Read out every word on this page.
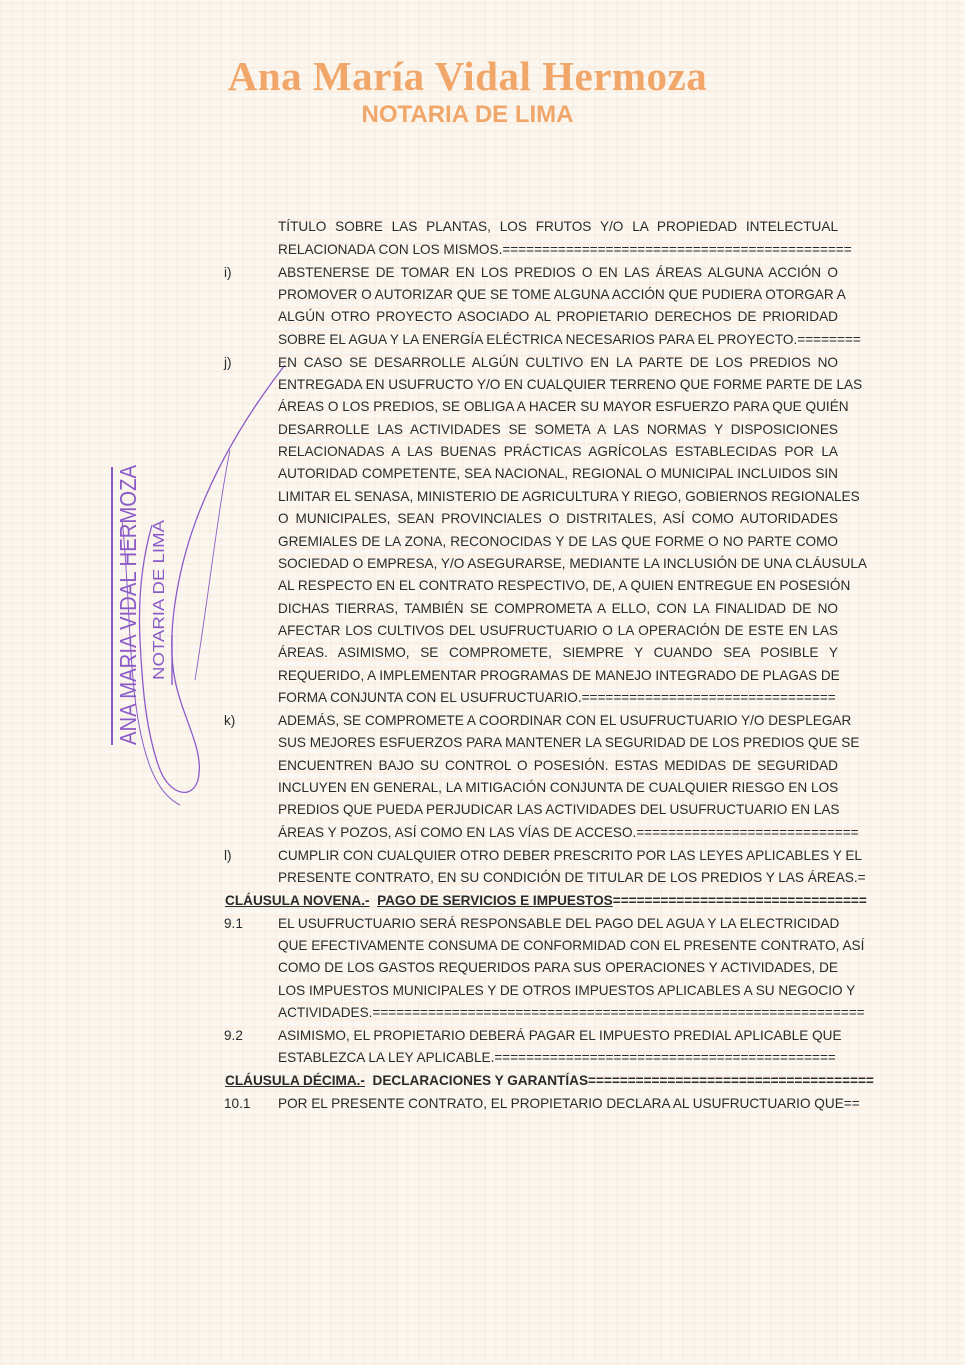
Ana María Vidal Hermoza
NOTARIA DE LIMA
ANA MARIA VIDAL HERMOZA NOTARIA DE LIMA
TÍTULO SOBRE LAS PLANTAS, LOS FRUTOS Y/O LA PROPIEDAD INTELECTUAL
RELACIONADA CON LOS MISMOS.============================================
i)	ABSTENERSE DE TOMAR EN LOS PREDIOS O EN LAS ÁREAS ALGUNA ACCIÓN O
PROMOVER O AUTORIZAR QUE SE TOME ALGUNA ACCIÓN QUE PUDIERA OTORGAR A
ALGÚN OTRO PROYECTO ASOCIADO AL PROPIETARIO DERECHOS DE PRIORIDAD
SOBRE EL AGUA Y LA ENERGÍA ELÉCTRICA NECESARIOS PARA EL PROYECTO.========
j)	EN CASO SE DESARROLLE ALGÚN CULTIVO EN LA PARTE DE LOS PREDIOS NO
ENTREGADA EN USUFRUCTO Y/O EN CUALQUIER TERRENO QUE FORME PARTE DE LAS
ÁREAS O LOS PREDIOS, SE OBLIGA A HACER SU MAYOR ESFUERZO PARA QUE QUIÉN
DESARROLLE LAS ACTIVIDADES SE SOMETA A LAS NORMAS Y DISPOSICIONES
RELACIONADAS A LAS BUENAS PRÁCTICAS AGRÍCOLAS ESTABLECIDAS POR LA
AUTORIDAD COMPETENTE, SEA NACIONAL, REGIONAL O MUNICIPAL INCLUIDOS SIN
LIMITAR EL SENASA, MINISTERIO DE AGRICULTURA Y RIEGO, GOBIERNOS REGIONALES
O MUNICIPALES, SEAN PROVINCIALES O DISTRITALES, ASÍ COMO AUTORIDADES
GREMIALES DE LA ZONA, RECONOCIDAS Y DE LAS QUE FORME O NO PARTE COMO
SOCIEDAD O EMPRESA, Y/O ASEGURARSE, MEDIANTE LA INCLUSIÓN DE UNA CLÁUSULA
AL RESPECTO EN EL CONTRATO RESPECTIVO, DE, A QUIEN ENTREGUE EN POSESIÓN
DICHAS TIERRAS, TAMBIÉN SE COMPROMETA A ELLO, CON LA FINALIDAD DE NO
AFECTAR LOS CULTIVOS DEL USUFRUCTUARIO O LA OPERACIÓN DE ESTE EN LAS
ÁREAS. ASIMISMO, SE COMPROMETE, SIEMPRE Y CUANDO SEA POSIBLE Y
REQUERIDO, A IMPLEMENTAR PROGRAMAS DE MANEJO INTEGRADO DE PLAGAS DE
FORMA CONJUNTA CON EL USUFRUCTUARIO.================================
k)	ADEMÁS, SE COMPROMETE A COORDINAR CON EL USUFRUCTUARIO Y/O DESPLEGAR
SUS MEJORES ESFUERZOS PARA MANTENER LA SEGURIDAD DE LOS PREDIOS QUE SE
ENCUENTREN BAJO SU CONTROL O POSESIÓN. ESTAS MEDIDAS DE SEGURIDAD
INCLUYEN EN GENERAL, LA MITIGACIÓN CONJUNTA DE CUALQUIER RIESGO EN LOS
PREDIOS QUE PUEDA PERJUDICAR LAS ACTIVIDADES DEL USUFRUCTUARIO EN LAS
ÁREAS Y POZOS, ASÍ COMO EN LAS VÍAS DE ACCESO.============================
l)	CUMPLIR CON CUALQUIER OTRO DEBER PRESCRITO POR LAS LEYES APLICABLES Y EL
PRESENTE CONTRATO, EN SU CONDICIÓN DE TITULAR DE LOS PREDIOS Y LAS ÁREAS.=
CLÁUSULA NOVENA.- PAGO DE SERVICIOS E IMPUESTOS================================
9.1	EL USUFRUCTUARIO SERÁ RESPONSABLE DEL PAGO DEL AGUA Y LA ELECTRICIDAD
QUE EFECTIVAMENTE CONSUMA DE CONFORMIDAD CON EL PRESENTE CONTRATO, ASÍ
COMO DE LOS GASTOS REQUERIDOS PARA SUS OPERACIONES Y ACTIVIDADES, DE
LOS IMPUESTOS MUNICIPALES Y DE OTROS IMPUESTOS APLICABLES A SU NEGOCIO Y
ACTIVIDADES.==============================================================
9.2	ASIMISMO, EL PROPIETARIO DEBERÁ PAGAR EL IMPUESTO PREDIAL APLICABLE QUE
ESTABLEZCA LA LEY APLICABLE.===========================================
CLÁUSULA DÉCIMA.- DECLARACIONES Y GARANTÍAS====================================
10.1 POR EL PRESENTE CONTRATO, EL PROPIETARIO DECLARA AL USUFRUCTUARIO QUE==
